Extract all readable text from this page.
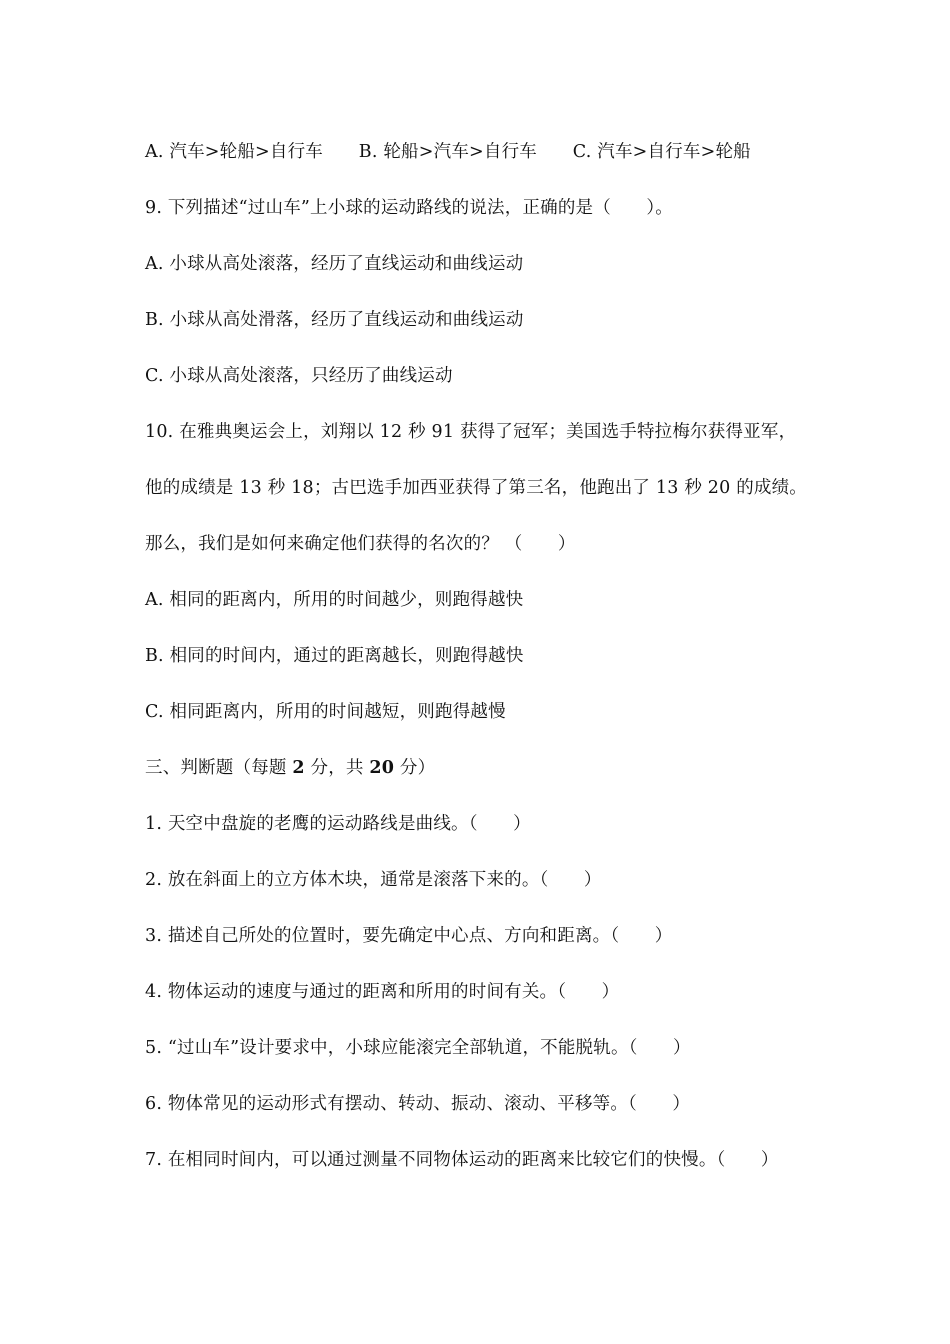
A. 汽车>轮船>自行车 B. 轮船>汽车>自行车 C. 汽车>自行车>轮船
9. 下列描述“过山车”上小球的运动路线的说法，正确的是（　　）。
A. 小球从高处滚落，经历了直线运动和曲线运动
B. 小球从高处滑落，经历了直线运动和曲线运动
C. 小球从高处滚落，只经历了曲线运动
10. 在雅典奥运会上，刘翔以 12 秒 91 获得了冠军；美国选手特拉梅尔获得亚军，
他的成绩是 13 秒 18；古巴选手加西亚获得了第三名，他跑出了 13 秒 20 的成绩。
那么，我们是如何来确定他们获得的名次的？ （　　）
A. 相同的距离内，所用的时间越少，则跑得越快
B. 相同的时间内，通过的距离越长，则跑得越快
C. 相同距离内，所用的时间越短，则跑得越慢
三、判断题（每题 2 分，共 20 分）
1. 天空中盘旋的老鹰的运动路线是曲线。（　　）
2. 放在斜面上的立方体木块，通常是滚落下来的。（　　）
3. 描述自己所处的位置时，要先确定中心点、方向和距离。（　　）
4. 物体运动的速度与通过的距离和所用的时间有关。（　　）
5. “过山车”设计要求中，小球应能滚完全部轨道，不能脱轨。（　　）
6. 物体常见的运动形式有摆动、转动、振动、滚动、平移等。（　　）
7. 在相同时间内，可以通过测量不同物体运动的距离来比较它们的快慢。（　　）
